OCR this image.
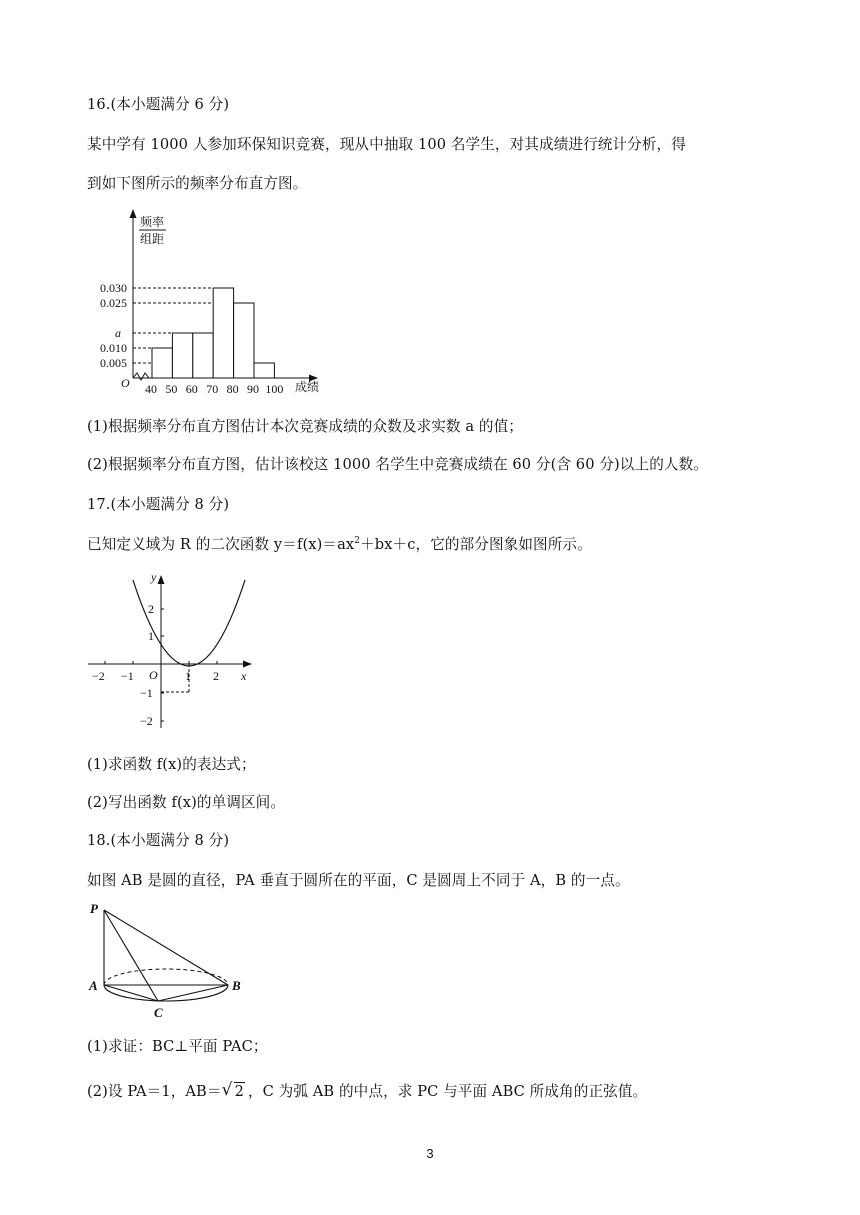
16.(本小题满分 6 分)
某中学有 1000 人参加环保知识竞赛，现从中抽取 100 名学生，对其成绩进行统计分析，得
到如下图所示的频率分布直方图。
频率
组距
0.030
0.025
a
0.010
0.005
O 40 50 60 70 80 90 100 成绩
(1)根据频率分布直方图估计本次竞赛成绩的众数及求实数 a 的值；
(2)根据频率分布直方图，估计该校这 1000 名学生中竞赛成绩在 60 分(含 60 分)以上的人数。
17.(本小题满分 8 分)
已知定义域为 R 的二次函数 $y=f(x)=ax^2+bx+c$，它的部分图象如图所示。
y
x
O
−2 −1	1 2
2
1
−1
−2
(1)求函数 f(x)的表达式；
(2)写出函数 f(x)的单调区间。
18.(本小题满分 8 分)
如图 AB 是圆的直径，PA 垂直于圆所在的平面，C 是圆周上不同于 A，B 的一点。
P
A	B
C
(1)求证：BC⊥平面 PAC；
(2)设 PA＝1，AB＝ √ 2 ，C 为弧 AB 的中点，求 PC 与平面 ABC 所成角的正弦值。
3
